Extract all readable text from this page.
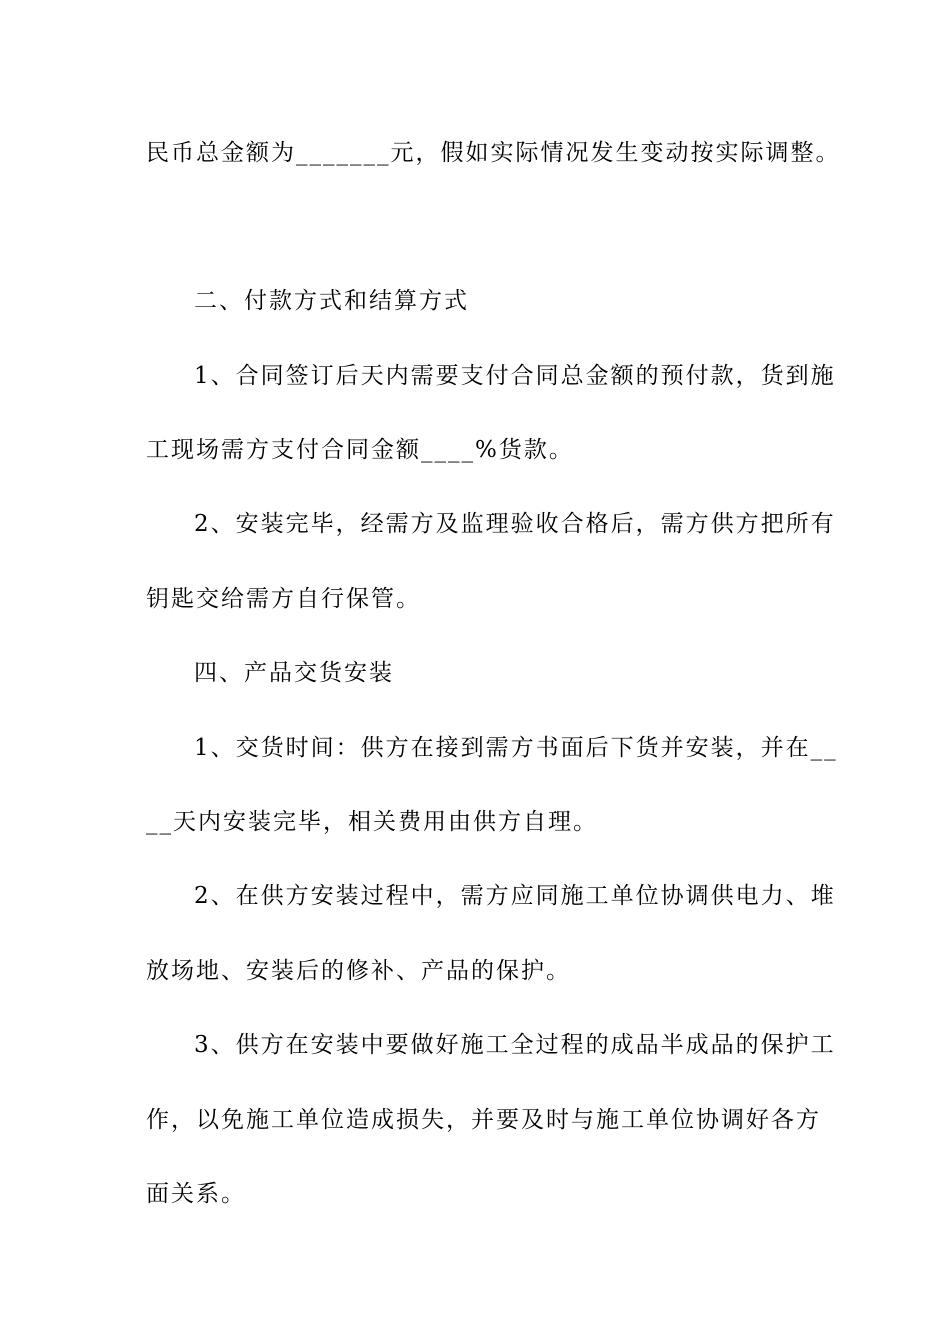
民币总金额为_______元，假如实际情况发生变动按实际调整。
二、付款方式和结算方式
1、合同签订后天内需要支付合同总金额的预付款，货到施
工现场需方支付合同金额____%货款。
2、安装完毕，经需方及监理验收合格后，需方供方把所有
钥匙交给需方自行保管。
四、产品交货安装
1、交货时间：供方在接到需方书面后下货并安装，并在__
__天内安装完毕，相关费用由供方自理。
2、在供方安装过程中，需方应同施工单位协调供电力、堆
放场地、安装后的修补、产品的保护。
3、供方在安装中要做好施工全过程的成品半成品的保护工
作，以免施工单位造成损失，并要及时与施工单位协调好各方
面关系。
